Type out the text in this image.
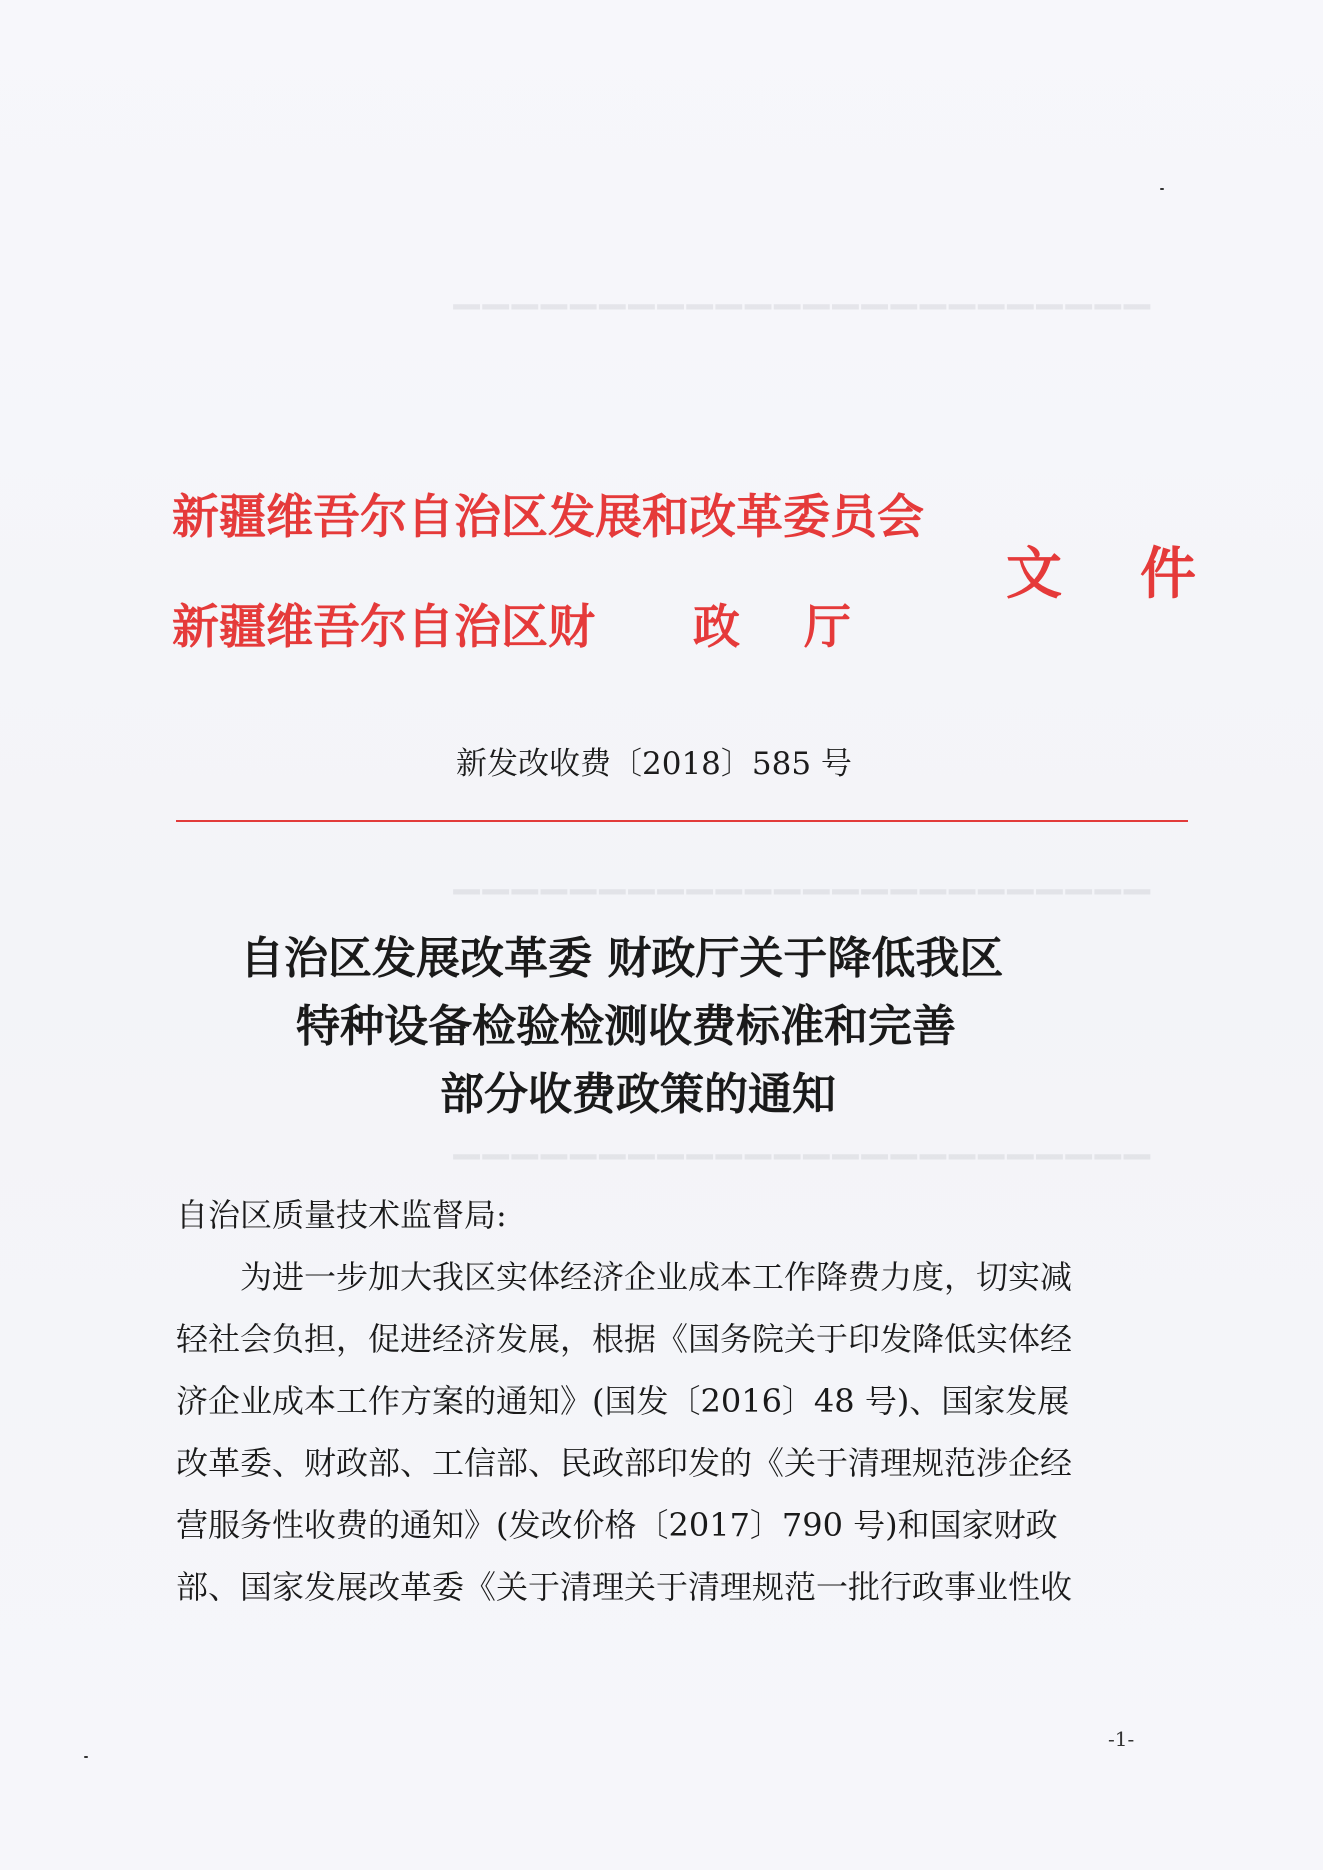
▁▁▁▁▁▁▁▁▁▁▁▁▁▁▁▁▁▁▁▁▁▁▁▁
▁▁▁▁▁▁▁▁▁▁▁▁▁▁▁▁▁▁▁▁▁▁▁▁
▁▁▁▁▁▁▁▁▁▁▁▁▁▁▁▁▁▁▁▁▁▁▁▁
新疆维吾尔自治区发展和改革委员会
新疆维吾尔自治区财 政 厅
文 件
新发改收费〔2018〕585 号
自治区发展改革委 财政厅关于降低我区
特种设备检验检测收费标准和完善
部分收费政策的通知
自治区质量技术监督局:
为进一步加大我区实体经济企业成本工作降费力度，切实减
轻社会负担，促进经济发展，根据《国务院关于印发降低实体经
济企业成本工作方案的通知》(国发〔2016〕48 号)、国家发展
改革委、财政部、工信部、民政部印发的《关于清理规范涉企经
营服务性收费的通知》(发改价格〔2017〕790 号)和国家财政
部、国家发展改革委《关于清理关于清理规范一批行政事业性收
-1-
